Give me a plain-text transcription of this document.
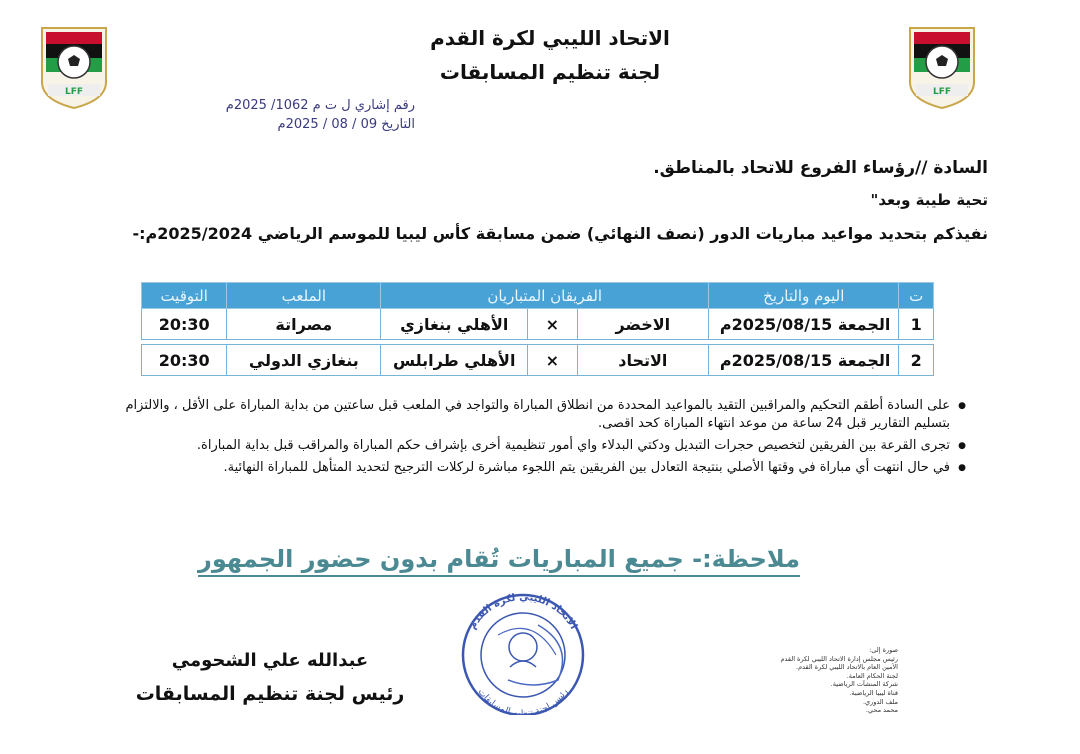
LFF	LFF
الاتحاد الليبي لكرة القدم
لجنة تنظيم المسابقات
رقم إشاري ل ت م 1062/ 2025م
التاريخ 09 / 08 / 2025م
السادة //رؤساء الفروع للاتحاد بالمناطق.
تحية طيبة وبعد"
نفيذكم بتحديد مواعيد مباريات الدور (نصف النهائي) ضمن مسابقة كأس ليبيا للموسم الرياضي 2025/2024م:-
ت	اليوم والتاريخ	الفريقان المتباريان			الملعب	التوقيت
1	الجمعة 2025/08/15م	الاخضر	×	الأهلي بنغازي	مصراتة	20:30

2	الجمعة 2025/08/15م	الاتحاد	×	الأهلي طرابلس	بنغازي الدولي	20:30
● على السادة أطقم التحكيم والمراقبين التقيد بالمواعيد المحددة من انطلاق المباراة والتواجد في الملعب قبل ساعتين من بداية المباراة على الأقل ، والالتزام بتسليم التقارير قبل 24 ساعة من موعد انتهاء المباراة كحد اقصى.
● تجرى القرعة بين الفريقين لتخصيص حجرات التبديل ودكتي البدلاء واي أمور تنظيمية أخرى بإشراف حكم المباراة والمراقب قبل بداية المباراة.
● في حال انتهت أي مباراة في وقتها الأصلي بنتيجة التعادل بين الفريقين يتم اللجوء مباشرة لركلات الترجيح لتحديد المتأهل للمباراة النهائية.
ملاحظة:- جميع المباريات تُقام بدون حضور الجمهور
الاتحاد الليبي لكرة القدم
رئيس لجنة تنظيم المسابقات
عبدالله علي الشحومي
رئيس لجنة تنظيم المسابقات
صورة إلى:
رئيس مجلس إدارة الاتحاد الليبي لكرة القدم
الأمين العام بالاتحاد الليبي لكرة القدم.
لجنة الحكام العامة.
شركة المنشآت الرياضية.
قناة ليبيا الرياضية.
ملف الدوري.
محمد محي.
